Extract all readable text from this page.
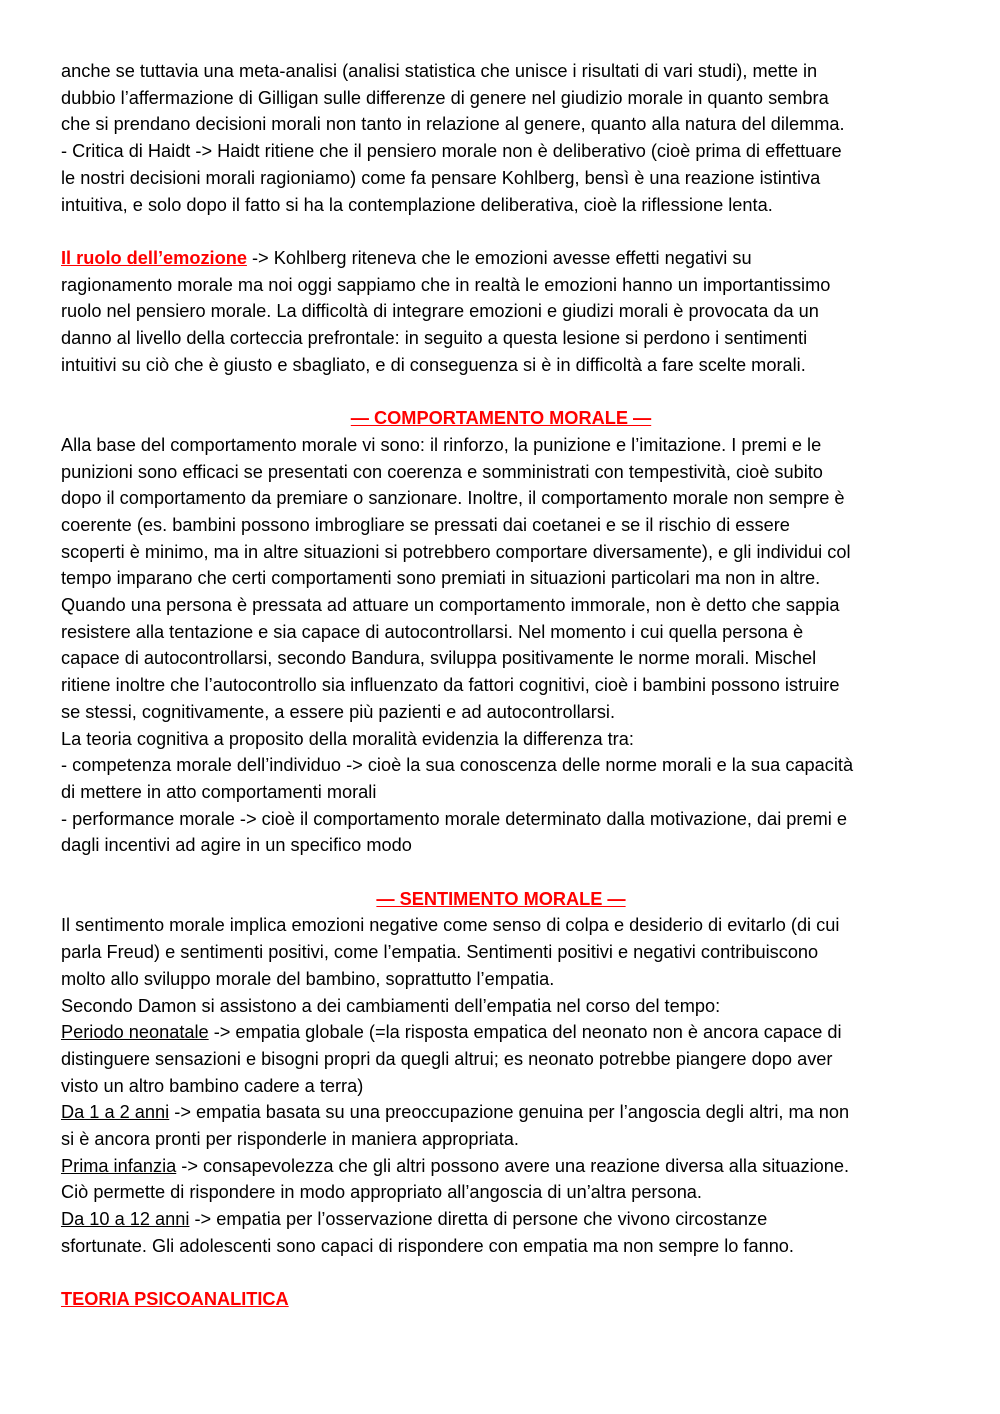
anche se tuttavia una meta-analisi (analisi statistica che unisce i risultati di vari studi), mette in

dubbio l’affermazione di Gilligan sulle differenze di genere nel giudizio morale in quanto sembra

che si prendano decisioni morali non tanto in relazione al genere, quanto alla natura del dilemma.

- Critica di Haidt -> Haidt ritiene che il pensiero morale non è deliberativo (cioè prima di effettuare

le nostri decisioni morali ragioniamo) come fa pensare Kohlberg, bensì è una reazione istintiva

intuitiva, e solo dopo il fatto si ha la contemplazione deliberativa, cioè la riflessione lenta.

Il ruolo dell’emozione -> Kohlberg riteneva che le emozioni avesse effetti negativi su

ragionamento morale ma noi oggi sappiamo che in realtà le emozioni hanno un importantissimo

ruolo nel pensiero morale. La difficoltà di integrare emozioni e giudizi morali è provocata da un

danno al livello della corteccia prefrontale: in seguito a questa lesione si perdono i sentimenti

intuitivi su ciò che è giusto e sbagliato, e di conseguenza si è in difficoltà a fare scelte morali.

— COMPORTAMENTO MORALE —

Alla base del comportamento morale vi sono: il rinforzo, la punizione e l’imitazione. I premi e le

punizioni sono efficaci se presentati con coerenza e somministrati con tempestività, cioè subito

dopo il comportamento da premiare o sanzionare. Inoltre, il comportamento morale non sempre è

coerente (es. bambini possono imbrogliare se pressati dai coetanei e se il rischio di essere

scoperti è minimo, ma in altre situazioni si potrebbero comportare diversamente), e gli individui col

tempo imparano che certi comportamenti sono premiati in situazioni particolari ma non in altre.

Quando una persona è pressata ad attuare un comportamento immorale, non è detto che sappia

resistere alla tentazione e sia capace di autocontrollarsi. Nel momento i cui quella persona è

capace di autocontrollarsi, secondo Bandura, sviluppa positivamente le norme morali. Mischel

ritiene inoltre che l’autocontrollo sia influenzato da fattori cognitivi, cioè i bambini possono istruire

se stessi, cognitivamente, a essere più pazienti e ad autocontrollarsi.

La teoria cognitiva a proposito della moralità evidenzia la differenza tra:

- competenza morale dell’individuo -> cioè la sua conoscenza delle norme morali e la sua capacità

di mettere in atto comportamenti morali

- performance morale -> cioè il comportamento morale determinato dalla motivazione, dai premi e

dagli incentivi ad agire in un specifico modo

— SENTIMENTO MORALE —

Il sentimento morale implica emozioni negative come senso di colpa e desiderio di evitarlo (di cui

parla Freud) e sentimenti positivi, come l’empatia. Sentimenti positivi e negativi contribuiscono

molto allo sviluppo morale del bambino, soprattutto l’empatia.

Secondo Damon si assistono a dei cambiamenti dell’empatia nel corso del tempo:

Periodo neonatale -> empatia globale (=la risposta empatica del neonato non è ancora capace di

distinguere sensazioni e bisogni propri da quegli altrui; es neonato potrebbe piangere dopo aver

visto un altro bambino cadere a terra)

Da 1 a 2 anni -> empatia basata su una preoccupazione genuina per l’angoscia degli altri, ma non

si è ancora pronti per risponderle in maniera appropriata.

Prima infanzia -> consapevolezza che gli altri possono avere una reazione diversa alla situazione.

Ciò permette di rispondere in modo appropriato all’angoscia di un’altra persona.

Da 10 a 12 anni -> empatia per l’osservazione diretta di persone che vivono circostanze

sfortunate. Gli adolescenti sono capaci di rispondere con empatia ma non sempre lo fanno.

TEORIA PSICOANALITICA
